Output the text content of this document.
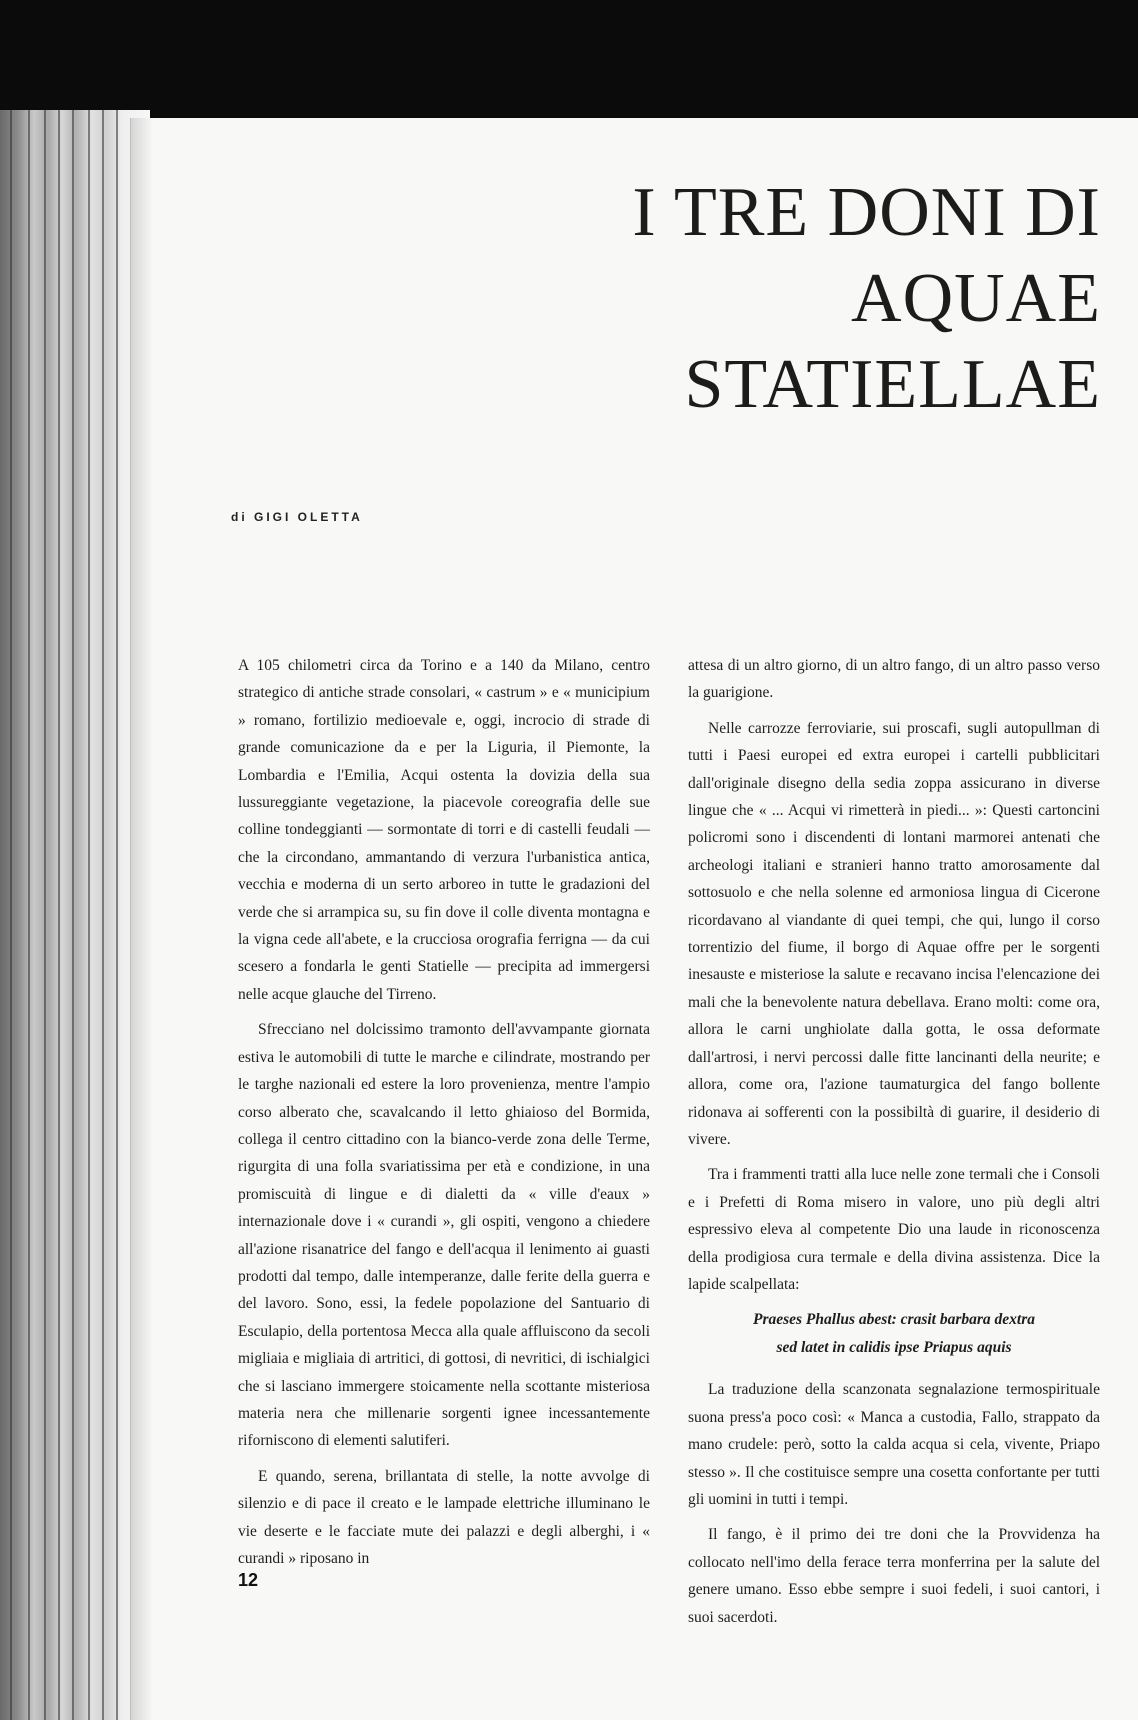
I TRE DONI DI
AQUAE STATIELLAE

di GIGI OLETTA

A 105 chilometri circa da Torino e a 140 da Milano, centro strategico di antiche strade consolari, « castrum » e « municipium » romano, fortilizio medioevale e, oggi, incrocio di strade di grande comunicazione da e per la Liguria, il Piemonte, la Lombardia e l'Emilia, Acqui ostenta la dovizia della sua lussureggiante vegetazione, la piacevole coreografia delle sue colline tondeggianti — sormontate di torri e di castelli feudali — che la circondano, ammantando di verzura l'urbanistica antica, vecchia e moderna di un serto arboreo in tutte le gradazioni del verde che si arrampica su, su fin dove il colle diventa montagna e la vigna cede all'abete, e la crucciosa orografia ferrigna — da cui scesero a fondarla le genti Statielle — precipita ad immergersi nelle acque glauche del Tirreno.

Sfrecciano nel dolcissimo tramonto dell'avvampante giornata estiva le automobili di tutte le marche e cilindrate, mostrando per le targhe nazionali ed estere la loro provenienza, mentre l'ampio corso alberato che, scavalcando il letto ghiaioso del Bormida, collega il centro cittadino con la bianco-verde zona delle Terme, rigurgita di una folla svariatissima per età e condizione, in una promiscuità di lingue e di dialetti da « ville d'eaux » internazionale dove i « curandi », gli ospiti, vengono a chiedere all'azione risanatrice del fango e dell'acqua il lenimento ai guasti prodotti dal tempo, dalle intemperanze, dalle ferite della guerra e del lavoro. Sono, essi, la fedele popolazione del Santuario di Esculapio, della portentosa Mecca alla quale affluiscono da secoli migliaia e migliaia di artritici, di gottosi, di nevritici, di ischialgici che si lasciano immergere stoicamente nella scottante misteriosa materia nera che millenarie sorgenti ignee incessantemente riforniscono di elementi salutiferi.

E quando, serena, brillantata di stelle, la notte avvolge di silenzio e di pace il creato e le lampade elettriche illuminano le vie deserte e le facciate mute dei palazzi e degli alberghi, i « curandi » riposano in

attesa di un altro giorno, di un altro fango, di un altro passo verso la guarigione.

Nelle carrozze ferroviarie, sui proscafi, sugli autopullman di tutti i Paesi europei ed extra europei i cartelli pubblicitari dall'originale disegno della sedia zoppa assicurano in diverse lingue che « ... Acqui vi rimetterà in piedi... »: Questi cartoncini policromi sono i discendenti di lontani marmorei antenati che archeologi italiani e stranieri hanno tratto amorosamente dal sottosuolo e che nella solenne ed armoniosa lingua di Cicerone ricordavano al viandante di quei tempi, che qui, lungo il corso torrentizio del fiume, il borgo di Aquae offre per le sorgenti inesauste e misteriose la salute e recavano incisa l'elencazione dei mali che la benevolente natura debellava. Erano molti: come ora, allora le carni unghiolate dalla gotta, le ossa deformate dall'artrosi, i nervi percossi dalle fitte lancinanti della neurite; e allora, come ora, l'azione taumaturgica del fango bollente ridonava ai sofferenti con la possibiltà di guarire, il desiderio di vivere.

Tra i frammenti tratti alla luce nelle zone termali che i Consoli e i Prefetti di Roma misero in valore, uno più degli altri espressivo eleva al competente Dio una laude in riconoscenza della prodigiosa cura termale e della divina assistenza. Dice la lapide scalpellata:

Praeses Phallus abest: crasit barbara dextra
sed latet in calidis ipse Priapus aquis

La traduzione della scanzonata segnalazione termospirituale suona press'a poco così: « Manca a custodia, Fallo, strappato da mano crudele: però, sotto la calda acqua si cela, vivente, Priapo stesso ». Il che costituisce sempre una cosetta confortante per tutti gli uomini in tutti i tempi.

Il fango, è il primo dei tre doni che la Provvidenza ha collocato nell'imo della ferace terra monferrina per la salute del genere umano. Esso ebbe sempre i suoi fedeli, i suoi cantori, i suoi sacerdoti.

12
